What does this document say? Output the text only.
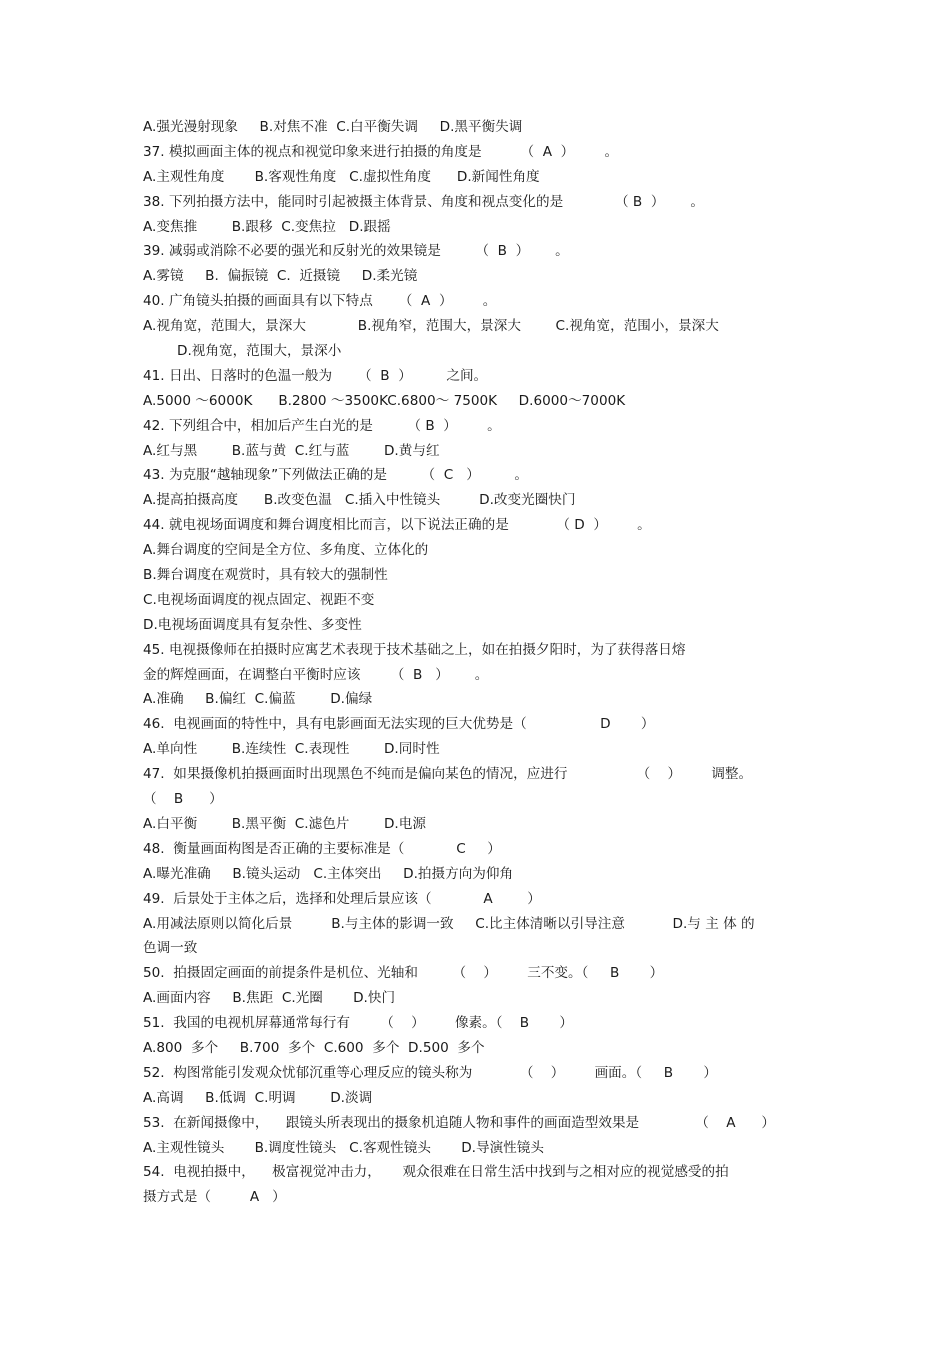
A.强光漫射现象     B.对焦不准  C.白平衡失调     D.黑平衡失调
37. 模拟画面主体的视点和视觉印象来进行拍摄的角度是         （  A  ）       。
A.主观性角度       B.客观性角度   C.虚拟性角度      D.新闻性角度
38. 下列拍摄方法中，能同时引起被摄主体背景、角度和视点变化的是            （ B  ）      。
A.变焦推        B.跟移  C.变焦拉   D.跟摇
39. 减弱或消除不必要的强光和反射光的效果镜是        （  B  ）      。
A.雾镜     B.  偏振镜  C.  近摄镜     D.柔光镜
40. 广角镜头拍摄的画面具有以下特点      （  A  ）       。
A.视角宽，范围大，景深大            B.视角窄，范围大，景深大        C.视角宽，范围小，景深大
D.视角宽，范围大，景深小
41. 日出、日落时的色温一般为      （  B  ）        之间。
A.5000 ～6000K      B.2800 ～3500KC.6800～ 7500K     D.6000～7000K
42. 下列组合中，相加后产生白光的是        （ B  ）       。
A.红与黑        B.蓝与黄  C.红与蓝        D.黄与红
43. 为克服“越轴现象”下列做法正确的是        （  C   ）        。
A.提高拍摄高度      B.改变色温   C.插入中性镜头         D.改变光圈快门
44. 就电视场面调度和舞台调度相比而言，以下说法正确的是           （ D  ）       。
A.舞台调度的空间是全方位、多角度、立体化的
B.舞台调度在观赏时，具有较大的强制性
C.电视场面调度的视点固定、视距不变
D.电视场面调度具有复杂性、多变性
45. 电视摄像师在拍摄时应寓艺术表现于技术基础之上，如在拍摄夕阳时，为了获得落日熔
金的辉煌画面，在调整白平衡时应该       （  B   ）      。
A.准确     B.偏红  C.偏蓝        D.偏绿
46.  电视画面的特性中，具有电影画面无法实现的巨大优势是（                 D       ）
A.单向性        B.连续性  C.表现性        D.同时性
47.  如果摄像机拍摄画面时出现黑色不纯而是偏向某色的情况，应进行                （    ）       调整。
（    B      ）
A.白平衡        B.黑平衡  C.滤色片        D.电源
48.  衡量画面构图是否正确的主要标准是（            C     ）
A.曝光准确     B.镜头运动   C.主体突出     D.拍摄方向为仰角
49.  后景处于主体之后，选择和处理后景应该（            A        ）
A.用减法原则以简化后景         B.与主体的影调一致     C.比主体清晰以引导注意           D.与 主 体 的
色调一致
50.  拍摄固定画面的前提条件是机位、光轴和        （    ）       三不变。（     B       ）
A.画面内容     B.焦距  C.光圈       D.快门
51.  我国的电视机屏幕通常每行有       （    ）       像素。（    B       ）
A.800  多个     B.700  多个  C.600  多个  D.500  多个
52.  构图常能引发观众忧郁沉重等心理反应的镜头称为           （    ）       画面。（     B       ）
A.高调     B.低调  C.明调        D.淡调
53.  在新闻摄像中，    跟镜头所表现出的摄象机追随人物和事件的画面造型效果是             （    A      ）
A.主观性镜头       B.调度性镜头   C.客观性镜头       D.导演性镜头
54.  电视拍摄中，    极富视觉冲击力，     观众很难在日常生活中找到与之相对应的视觉感受的拍
摄方式是（         A   ）
